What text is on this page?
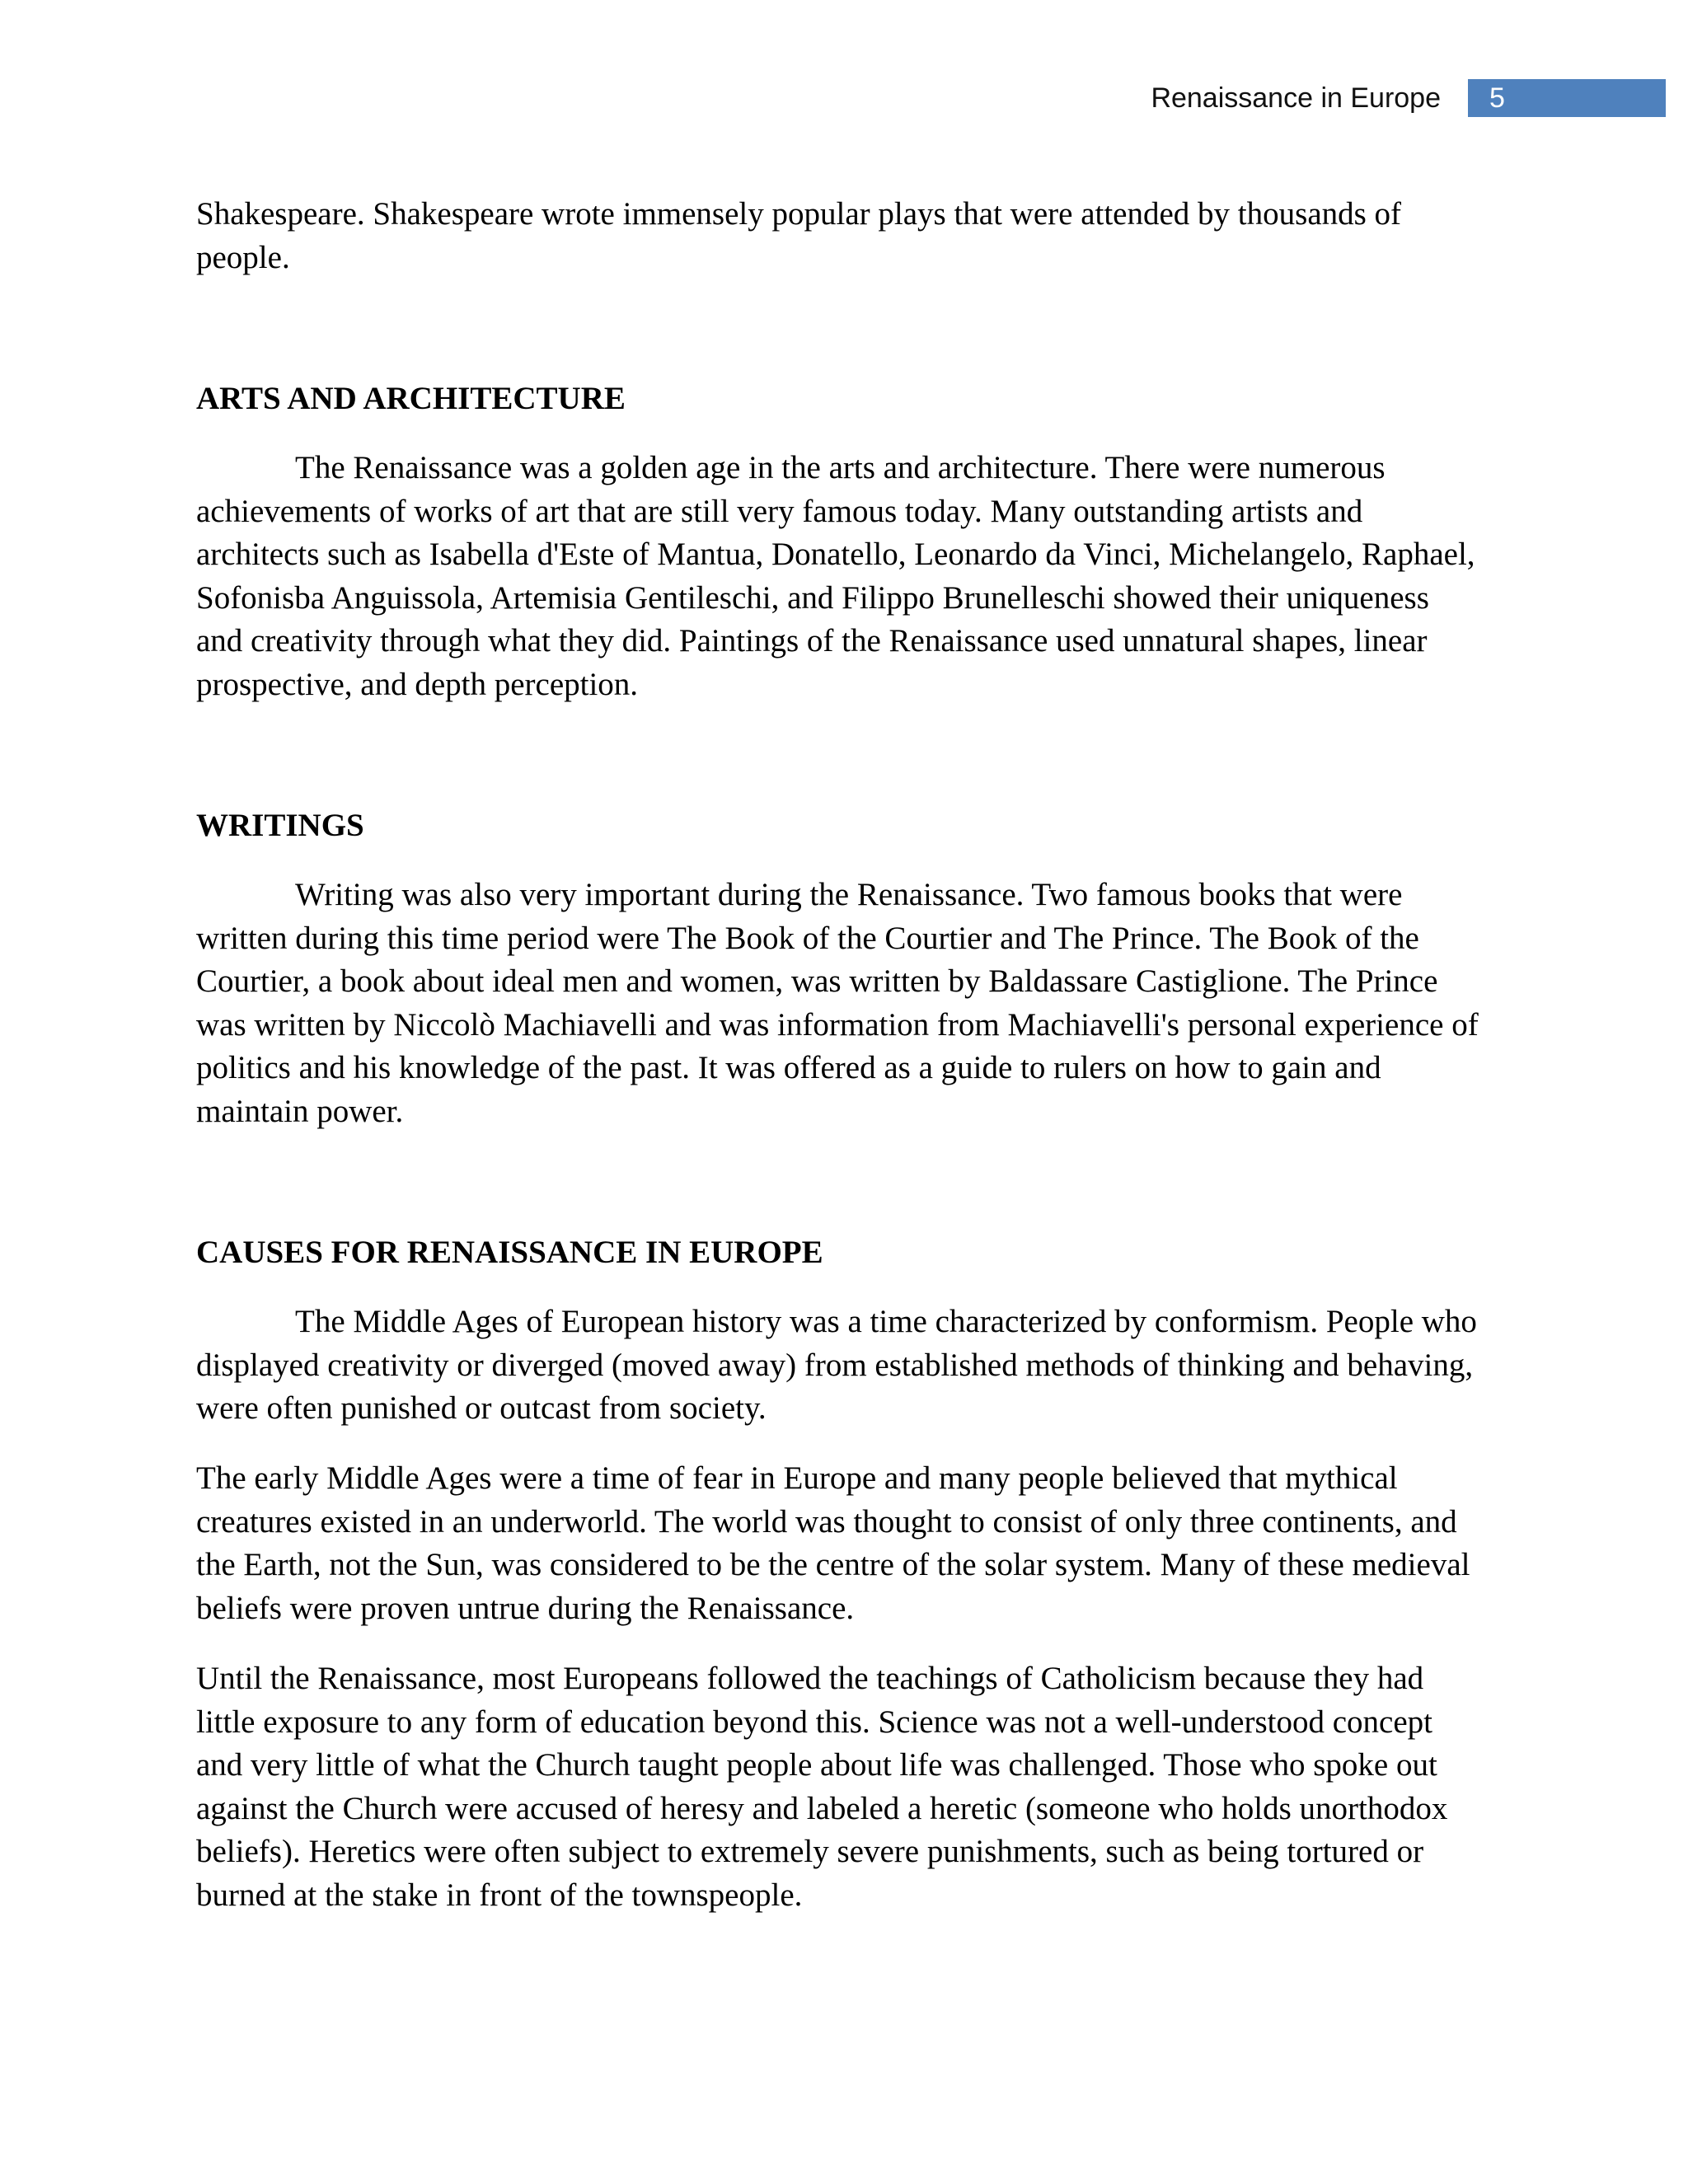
Renaissance in Europe	5

Shakespeare. Shakespeare wrote immensely popular plays that were attended by thousands of people.

ARTS AND ARCHITECTURE

The Renaissance was a golden age in the arts and architecture. There were numerous achievements of works of art that are still very famous today. Many outstanding artists and architects such as Isabella d'Este of Mantua, Donatello, Leonardo da Vinci, Michelangelo, Raphael, Sofonisba Anguissola, Artemisia Gentileschi, and Filippo Brunelleschi showed their uniqueness and creativity through what they did. Paintings of the Renaissance used unnatural shapes, linear prospective, and depth perception.

WRITINGS

Writing was also very important during the Renaissance. Two famous books that were written during this time period were The Book of the Courtier and The Prince. The Book of the Courtier, a book about ideal men and women, was written by Baldassare Castiglione. The Prince was written by Niccolò Machiavelli and was information from Machiavelli's personal experience of politics and his knowledge of the past. It was offered as a guide to rulers on how to gain and maintain power.

CAUSES FOR RENAISSANCE IN EUROPE

The Middle Ages of European history was a time characterized by conformism. People who displayed creativity or diverged (moved away) from established methods of thinking and behaving, were often punished or outcast from society.

The early Middle Ages were a time of fear in Europe and many people believed that mythical creatures existed in an underworld. The world was thought to consist of only three continents, and the Earth, not the Sun, was considered to be the centre of the solar system. Many of these medieval beliefs were proven untrue during the Renaissance.

Until the Renaissance, most Europeans followed the teachings of Catholicism because they had little exposure to any form of education beyond this. Science was not a well-understood concept and very little of what the Church taught people about life was challenged. Those who spoke out against the Church were accused of heresy and labeled a heretic (someone who holds unorthodox beliefs). Heretics were often subject to extremely severe punishments, such as being tortured or burned at the stake in front of the townspeople.
